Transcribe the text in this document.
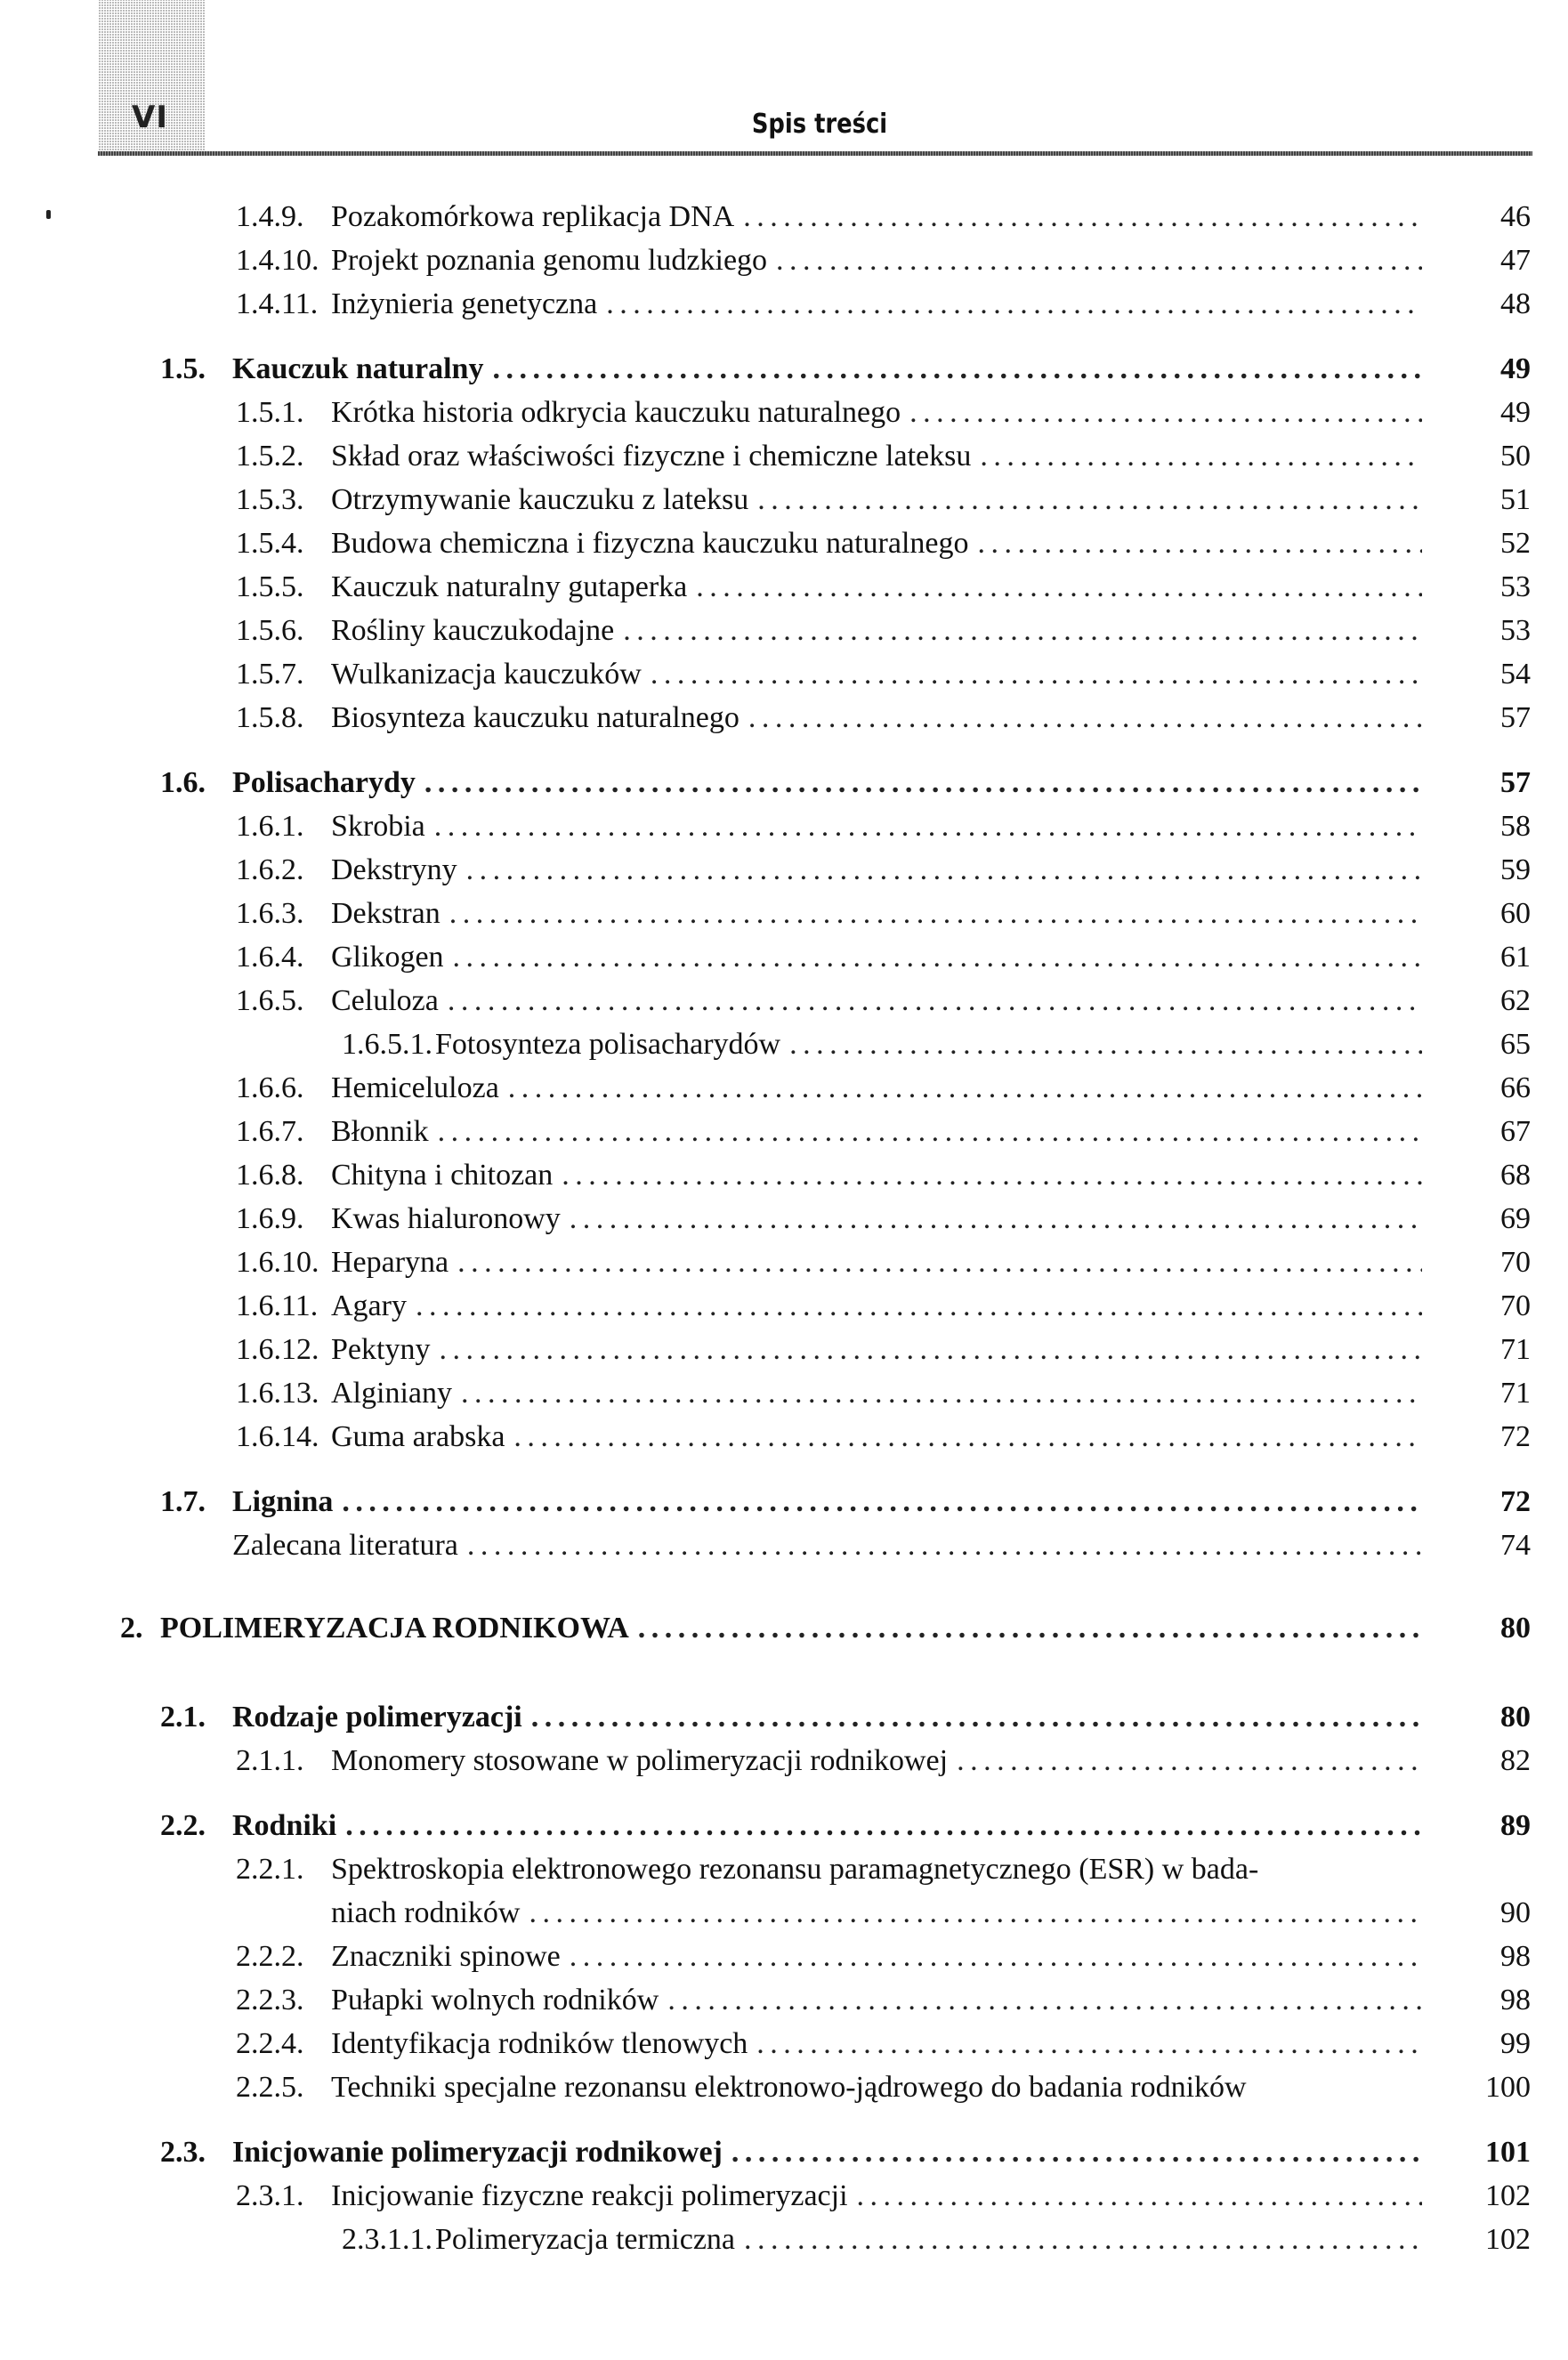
VI	Spis treści
1.4.9. Pozakomórkowa replikacja DNA . . .	46
1.4.10. Projekt poznania genomu ludzkiego . . .	47
1.4.11. Inżynieria genetyczna . . .	48
1.5. Kauczuk naturalny . . .	49
1.5.1. Krótka historia odkrycia kauczuku naturalnego . . .	49
1.5.2. Skład oraz właściwości fizyczne i chemiczne lateksu . . .	50
1.5.3. Otrzymywanie kauczuku z lateksu . . .	51
1.5.4. Budowa chemiczna i fizyczna kauczuku naturalnego . . .	52
1.5.5. Kauczuk naturalny gutaperka . . .	53
1.5.6. Rośliny kauczukodajne . . .	53
1.5.7. Wulkanizacja kauczuków . . .	54
1.5.8. Biosynteza kauczuku naturalnego . . .	57
1.6. Polisacharydy . . .	57
1.6.1. Skrobia . . .	58
1.6.2. Dekstryny . . .	59
1.6.3. Dekstran . . .	60
1.6.4. Glikogen . . .	61
1.6.5. Celuloza . . .	62
1.6.5.1. Fotosynteza polisacharydów . . .	65
1.6.6. Hemiceluloza . . .	66
1.6.7. Błonnik . . .	67
1.6.8. Chityna i chitozan . . .	68
1.6.9. Kwas hialuronowy . . .	69
1.6.10. Heparyna . . .	70
1.6.11. Agary . . .	70
1.6.12. Pektyny . . .	71
1.6.13. Alginiany . . .	71
1.6.14. Guma arabska . . .	72
1.7. Lignina . . .	72
Zalecana literatura . . .	74
2. POLIMERYZACJA RODNIKOWA . . .	80
2.1. Rodzaje polimeryzacji . . .	80
2.1.1. Monomery stosowane w polimeryzacji rodnikowej . . .	82
2.2. Rodniki . . .	89
2.2.1. Spektroskopia elektronowego rezonansu paramagnetycznego (ESR) w bada-
niach rodników . . .	90
2.2.2. Znaczniki spinowe . . .	98
2.2.3. Pułapki wolnych rodników . . .	98
2.2.4. Identyfikacja rodników tlenowych . . .	99
2.2.5. Techniki specjalne rezonansu elektronowo-jądrowego do badania rodników	100
2.3. Inicjowanie polimeryzacji rodnikowej . . .	101
2.3.1. Inicjowanie fizyczne reakcji polimeryzacji . . .	102
2.3.1.1. Polimeryzacja termiczna . . .	102
